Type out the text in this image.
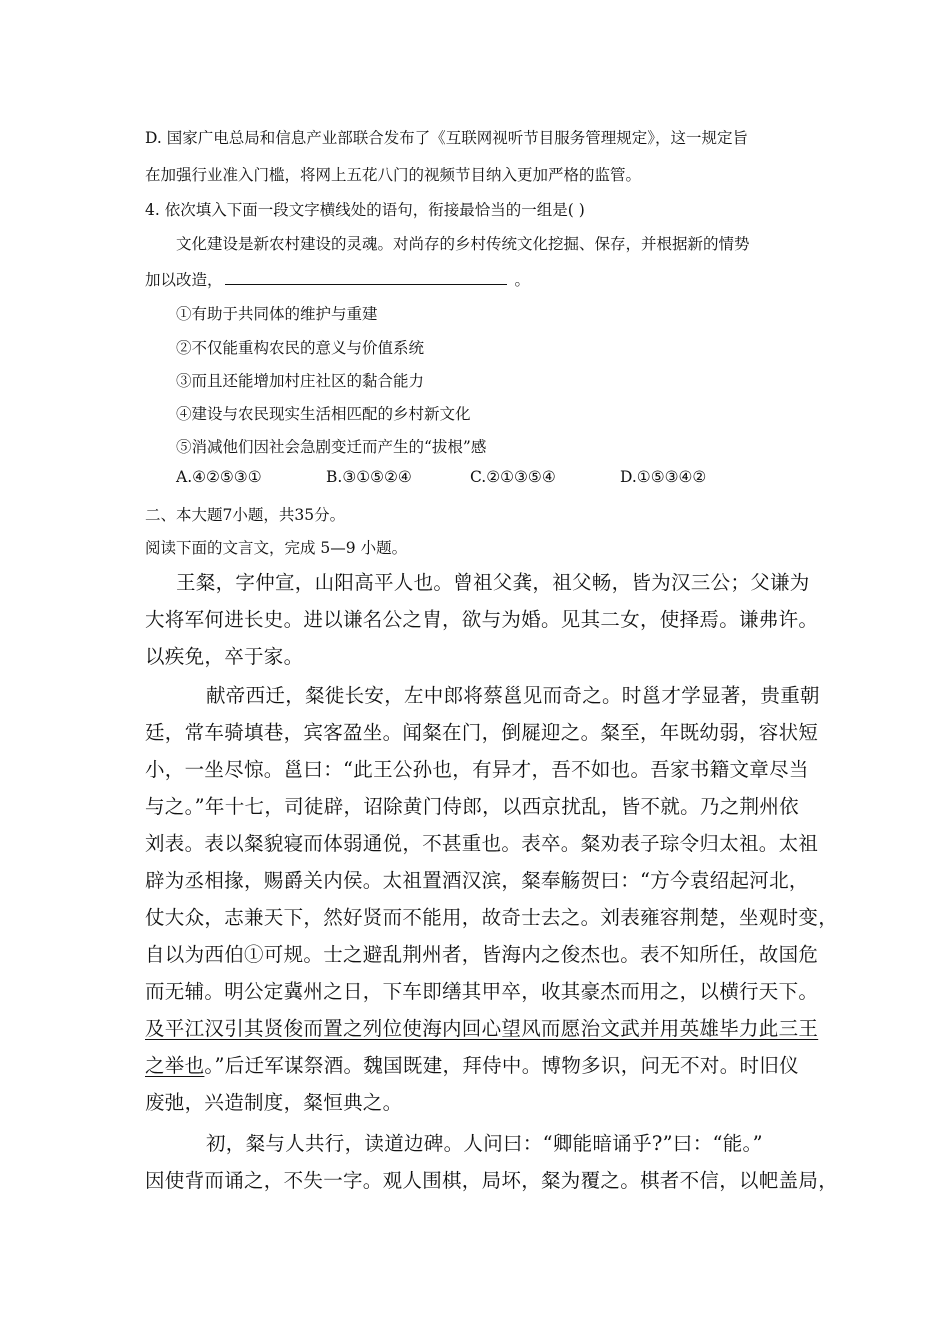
D. 国家广电总局和信息产业部联合发布了《互联网视听节目服务管理规定》，这一规定旨
在加强行业准入门槛，将网上五花八门的视频节目纳入更加严格的监管。
4. 依次填入下面一段文字横线处的语句，衔接最恰当的一组是( )
文化建设是新农村建设的灵魂。对尚存的乡村传统文化挖掘、保存，并根据新的情势
加以改造，	。
①有助于共同体的维护与重建
②不仅能重构农民的意义与价值系统
③而且还能增加村庄社区的黏合能力
④建设与农民现实生活相匹配的乡村新文化
⑤消减他们因社会急剧变迁而产生的“拔根”感
A.④②⑤③①	B.③①⑤②④	C.②①③⑤④	D.①⑤③④②
二、本大题7小题，共35分。
阅读下面的文言文，完成 5—9 小题。
王粲，字仲宣，山阳高平人也。曾祖父龚，祖父畅，皆为汉三公；父谦为
大将军何进长史。进以谦名公之胄，欲与为婚。见其二女，使择焉。谦弗许。
以疾免，卒于家。
献帝西迁，粲徙长安，左中郎将蔡邕见而奇之。时邕才学显著，贵重朝
廷，常车骑填巷，宾客盈坐。闻粲在门，倒屣迎之。粲至，年既幼弱，容状短
小，一坐尽惊。邕曰：“此王公孙也，有异才，吾不如也。吾家书籍文章尽当
与之。”年十七，司徒辟，诏除黄门侍郎，以西京扰乱，皆不就。乃之荆州依
刘表。表以粲貌寝而体弱通侻，不甚重也。表卒。粲劝表子琮令归太祖。太祖
辟为丞相掾，赐爵关内侯。太祖置酒汉滨，粲奉觞贺曰：“方今袁绍起河北，
仗大众，志兼天下，然好贤而不能用，故奇士去之。刘表雍容荆楚，坐观时变，
自以为西伯①可规。士之避乱荆州者，皆海内之俊杰也。表不知所任，故国危
而无辅。明公定冀州之日，下车即缮其甲卒，收其豪杰而用之，以横行天下。
及平江汉引其贤俊而置之列位使海内回心望风而愿治文武并用英雄毕力此三王
之举也。”后迁军谋祭酒。魏国既建，拜侍中。博物多识，问无不对。时旧仪
废弛，兴造制度，粲恒典之。
初，粲与人共行，读道边碑。人问曰：“卿能暗诵乎?”曰：“能。”
因使背而诵之，不失一字。观人围棋，局坏，粲为覆之。棋者不信，以帊盖局，
